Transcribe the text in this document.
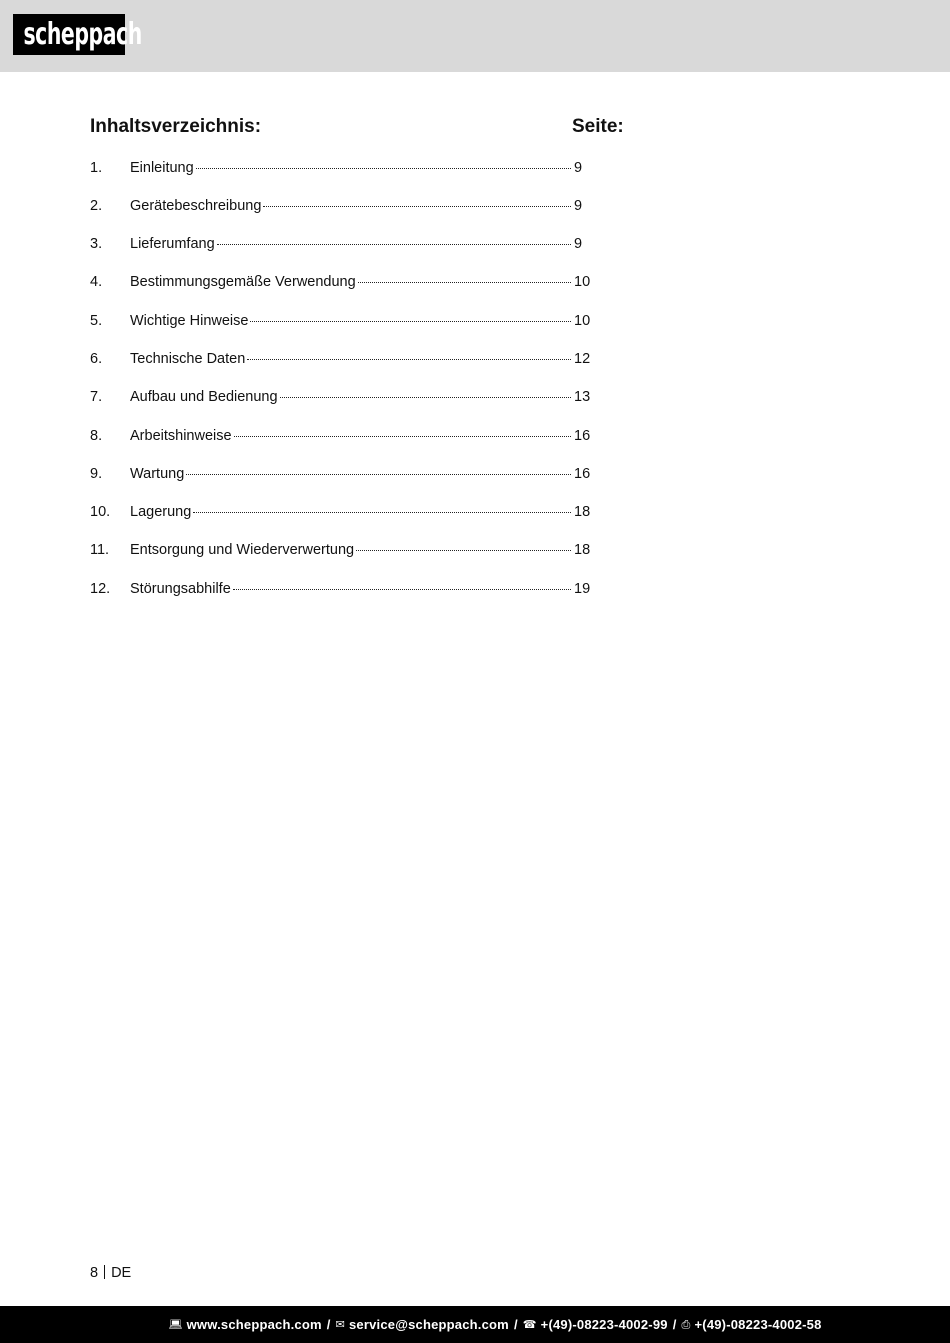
scheppach
Inhaltsverzeichnis:	Seite:
1.	Einleitung	9
2.	Gerätebeschreibung	9
3.	Lieferumfang	9
4.	Bestimmungsgemäße Verwendung	10
5.	Wichtige Hinweise	10
6.	Technische Daten	12
7.	Aufbau und Bedienung	13
8.	Arbeitshinweise	16
9.	Wartung	16
10.	Lagerung	18
11.	Entsorgung und Wiederverwertung	18
12.	Störungsabhilfe	19
8 DE
💻︎ www.scheppach.com / ✉︎ service@scheppach.com / ☎ +(49)-08223-4002-99 / ⎙ +(49)-08223-4002-58
